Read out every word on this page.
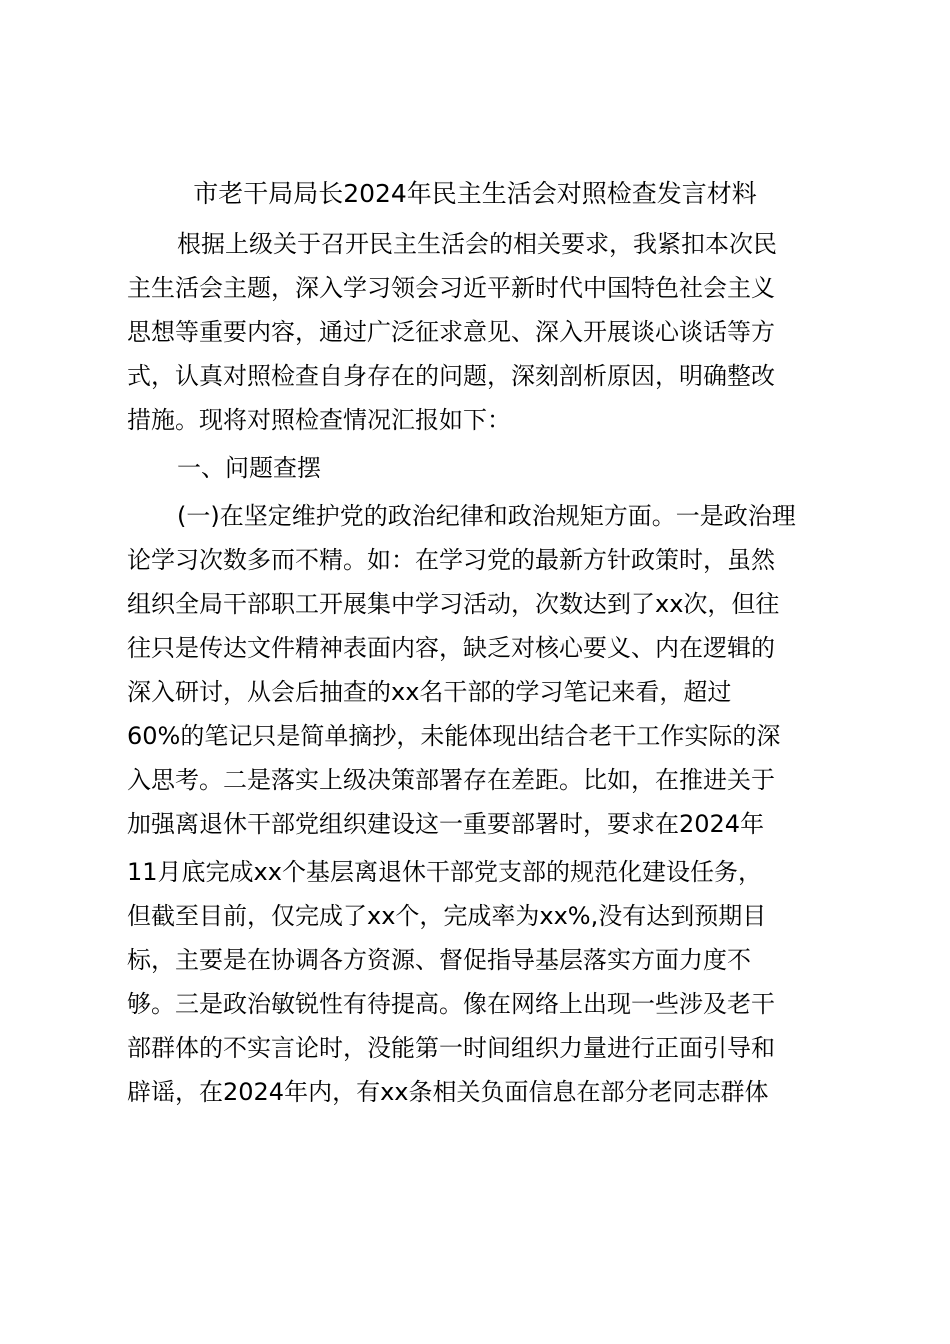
市老干局局长2024年民主生活会对照检查发言材料
根据上级关于召开民主生活会的相关要求，我紧扣本次民
主生活会主题，深入学习领会习近平新时代中国特色社会主义
思想等重要内容，通过广泛征求意见、深入开展谈心谈话等方
式，认真对照检查自身存在的问题，深刻剖析原因，明确整改
措施。现将对照检查情况汇报如下：
一、问题查摆
(一)在坚定维护党的政治纪律和政治规矩方面。一是政治理
论学习次数多而不精。如：在学习党的最新方针政策时，虽然
组织全局干部职工开展集中学习活动，次数达到了xx次，但往
往只是传达文件精神表面内容，缺乏对核心要义、内在逻辑的
深入研讨，从会后抽查的xx名干部的学习笔记来看，超过
60%的笔记只是简单摘抄，未能体现出结合老干工作实际的深
入思考。二是落实上级决策部署存在差距。比如，在推进关于
加强离退休干部党组织建设这一重要部署时，要求在2024年
11月底完成xx个基层离退休干部党支部的规范化建设任务，
但截至目前，仅完成了xx个，完成率为xx%,没有达到预期目
标，主要是在协调各方资源、督促指导基层落实方面力度不
够。三是政治敏锐性有待提高。像在网络上出现一些涉及老干
部群体的不实言论时，没能第一时间组织力量进行正面引导和
辟谣，在2024年内，有xx条相关负面信息在部分老同志群体
